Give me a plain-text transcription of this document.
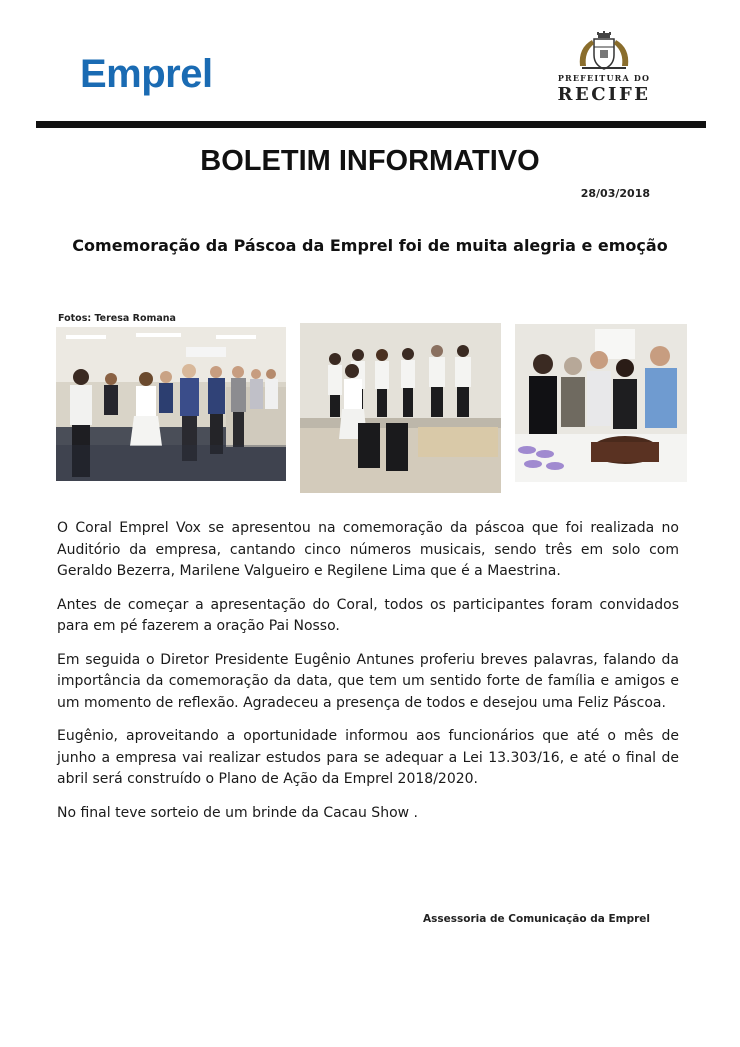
Emprel	PREFEITURA DO
RECIFE
BOLETIM INFORMATIVO
28/03/2018
Comemoração da Páscoa da Emprel foi de muita alegria e emoção
Fotos: Teresa Romana

O Coral Emprel Vox se apresentou na comemoração da páscoa que foi realizada no Auditório da empresa, cantando cinco números musicais, sendo três em solo com Geraldo Bezerra, Marilene Valgueiro e Regilene Lima que é a Maestrina.

Antes de começar a apresentação do Coral, todos os participantes foram convidados para em pé fazerem a oração Pai Nosso.

Em seguida o Diretor Presidente Eugênio Antunes proferiu breves palavras, falando da importância da comemoração da data, que tem um sentido forte de família e amigos e um momento de reflexão. Agradeceu a presença de todos e desejou uma Feliz Páscoa.

Eugênio, aproveitando a oportunidade informou aos funcionários que até o mês de junho a empresa vai realizar estudos para se adequar a Lei 13.303/16, e até o final de abril será construído o Plano de Ação da Emprel 2018/2020.

No final teve sorteio de um brinde da Cacau Show .

Assessoria de Comunicação da Emprel
